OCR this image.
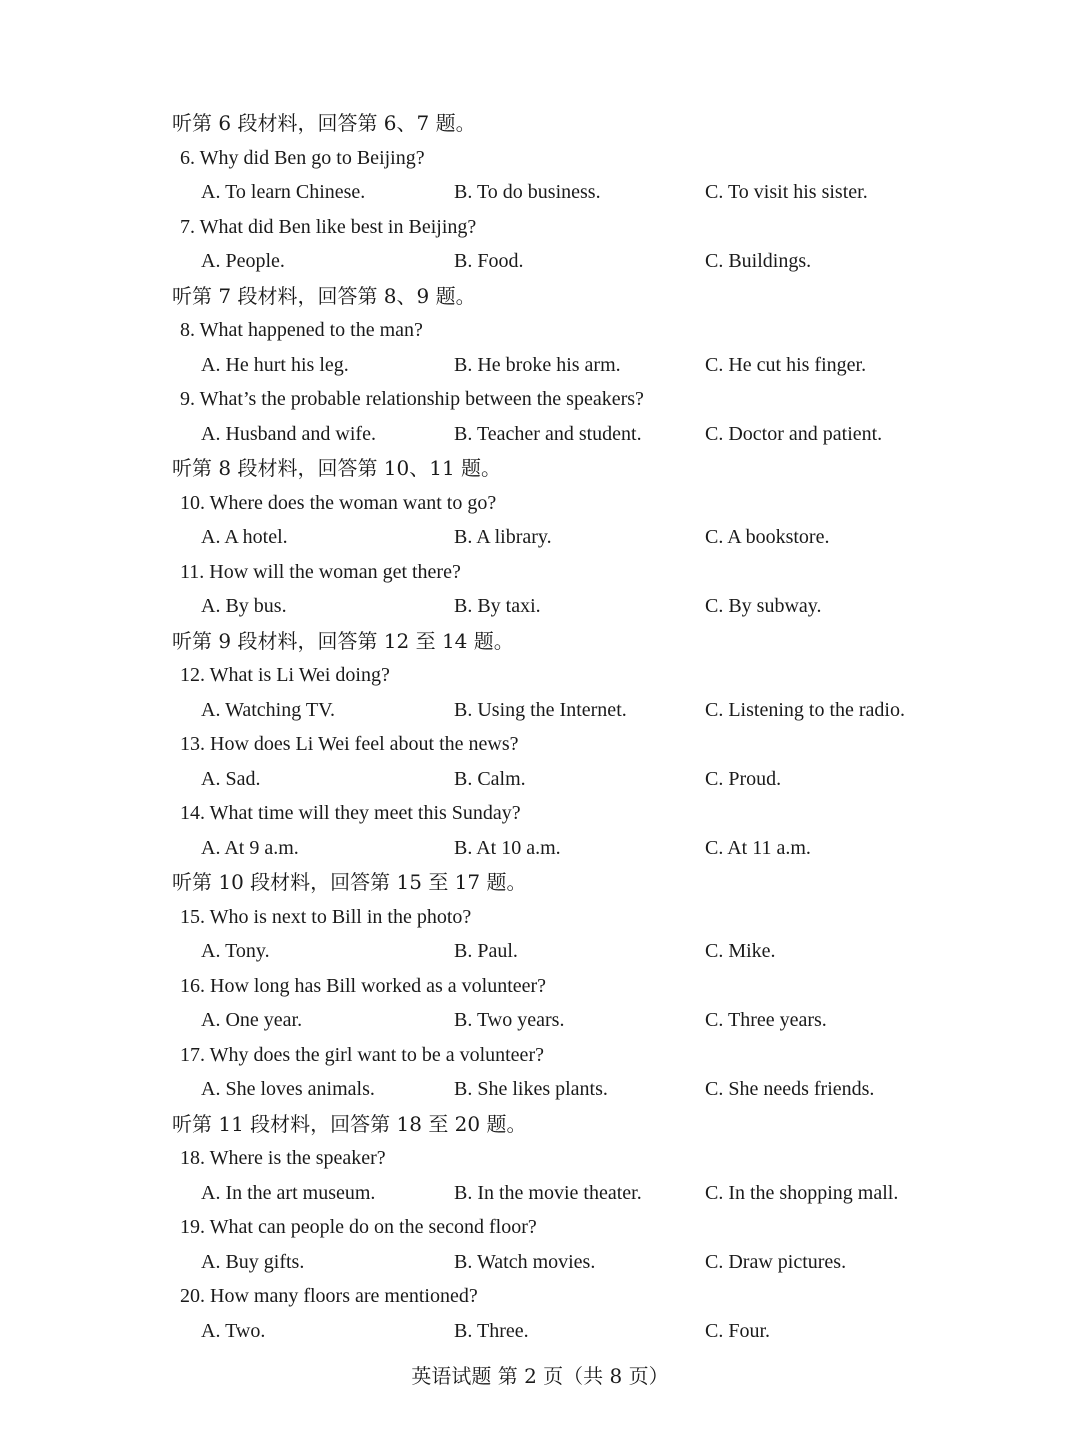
听第 6 段材料，回答第 6、7 题。
6. Why did Ben go to Beijing?
A. To learn Chinese.	B. To do business.	C. To visit his sister.
7. What did Ben like best in Beijing?
A. People.	B. Food.	C. Buildings.
听第 7 段材料，回答第 8、9 题。
8. What happened to the man?
A. He hurt his leg.	B. He broke his arm.	C. He cut his finger.
9. What’s the probable relationship between the speakers?
A. Husband and wife.	B. Teacher and student.	C. Doctor and patient.
听第 8 段材料，回答第 10、11 题。
10. Where does the woman want to go?
A. A hotel.	B. A library.	C. A bookstore.
11. How will the woman get there?
A. By bus.	B. By taxi.	C. By subway.
听第 9 段材料，回答第 12 至 14 题。
12. What is Li Wei doing?
A. Watching TV.	B. Using the Internet.	C. Listening to the radio.
13. How does Li Wei feel about the news?
A. Sad.	B. Calm.	C. Proud.
14. What time will they meet this Sunday?
A. At 9 a.m.	B. At 10 a.m.	C. At 11 a.m.
听第 10 段材料，回答第 15 至 17 题。
15. Who is next to Bill in the photo?
A. Tony.	B. Paul.	C. Mike.
16. How long has Bill worked as a volunteer?
A. One year.	B. Two years.	C. Three years.
17. Why does the girl want to be a volunteer?
A. She loves animals.	B. She likes plants.	C. She needs friends.
听第 11 段材料，回答第 18 至 20 题。
18. Where is the speaker?
A. In the art museum.	B. In the movie theater.	C. In the shopping mall.
19. What can people do on the second floor?
A. Buy gifts.	B. Watch movies.	C. Draw pictures.
20. How many floors are mentioned?
A. Two.	B. Three.	C. Four.
英语试题 第 2 页（共 8 页）
